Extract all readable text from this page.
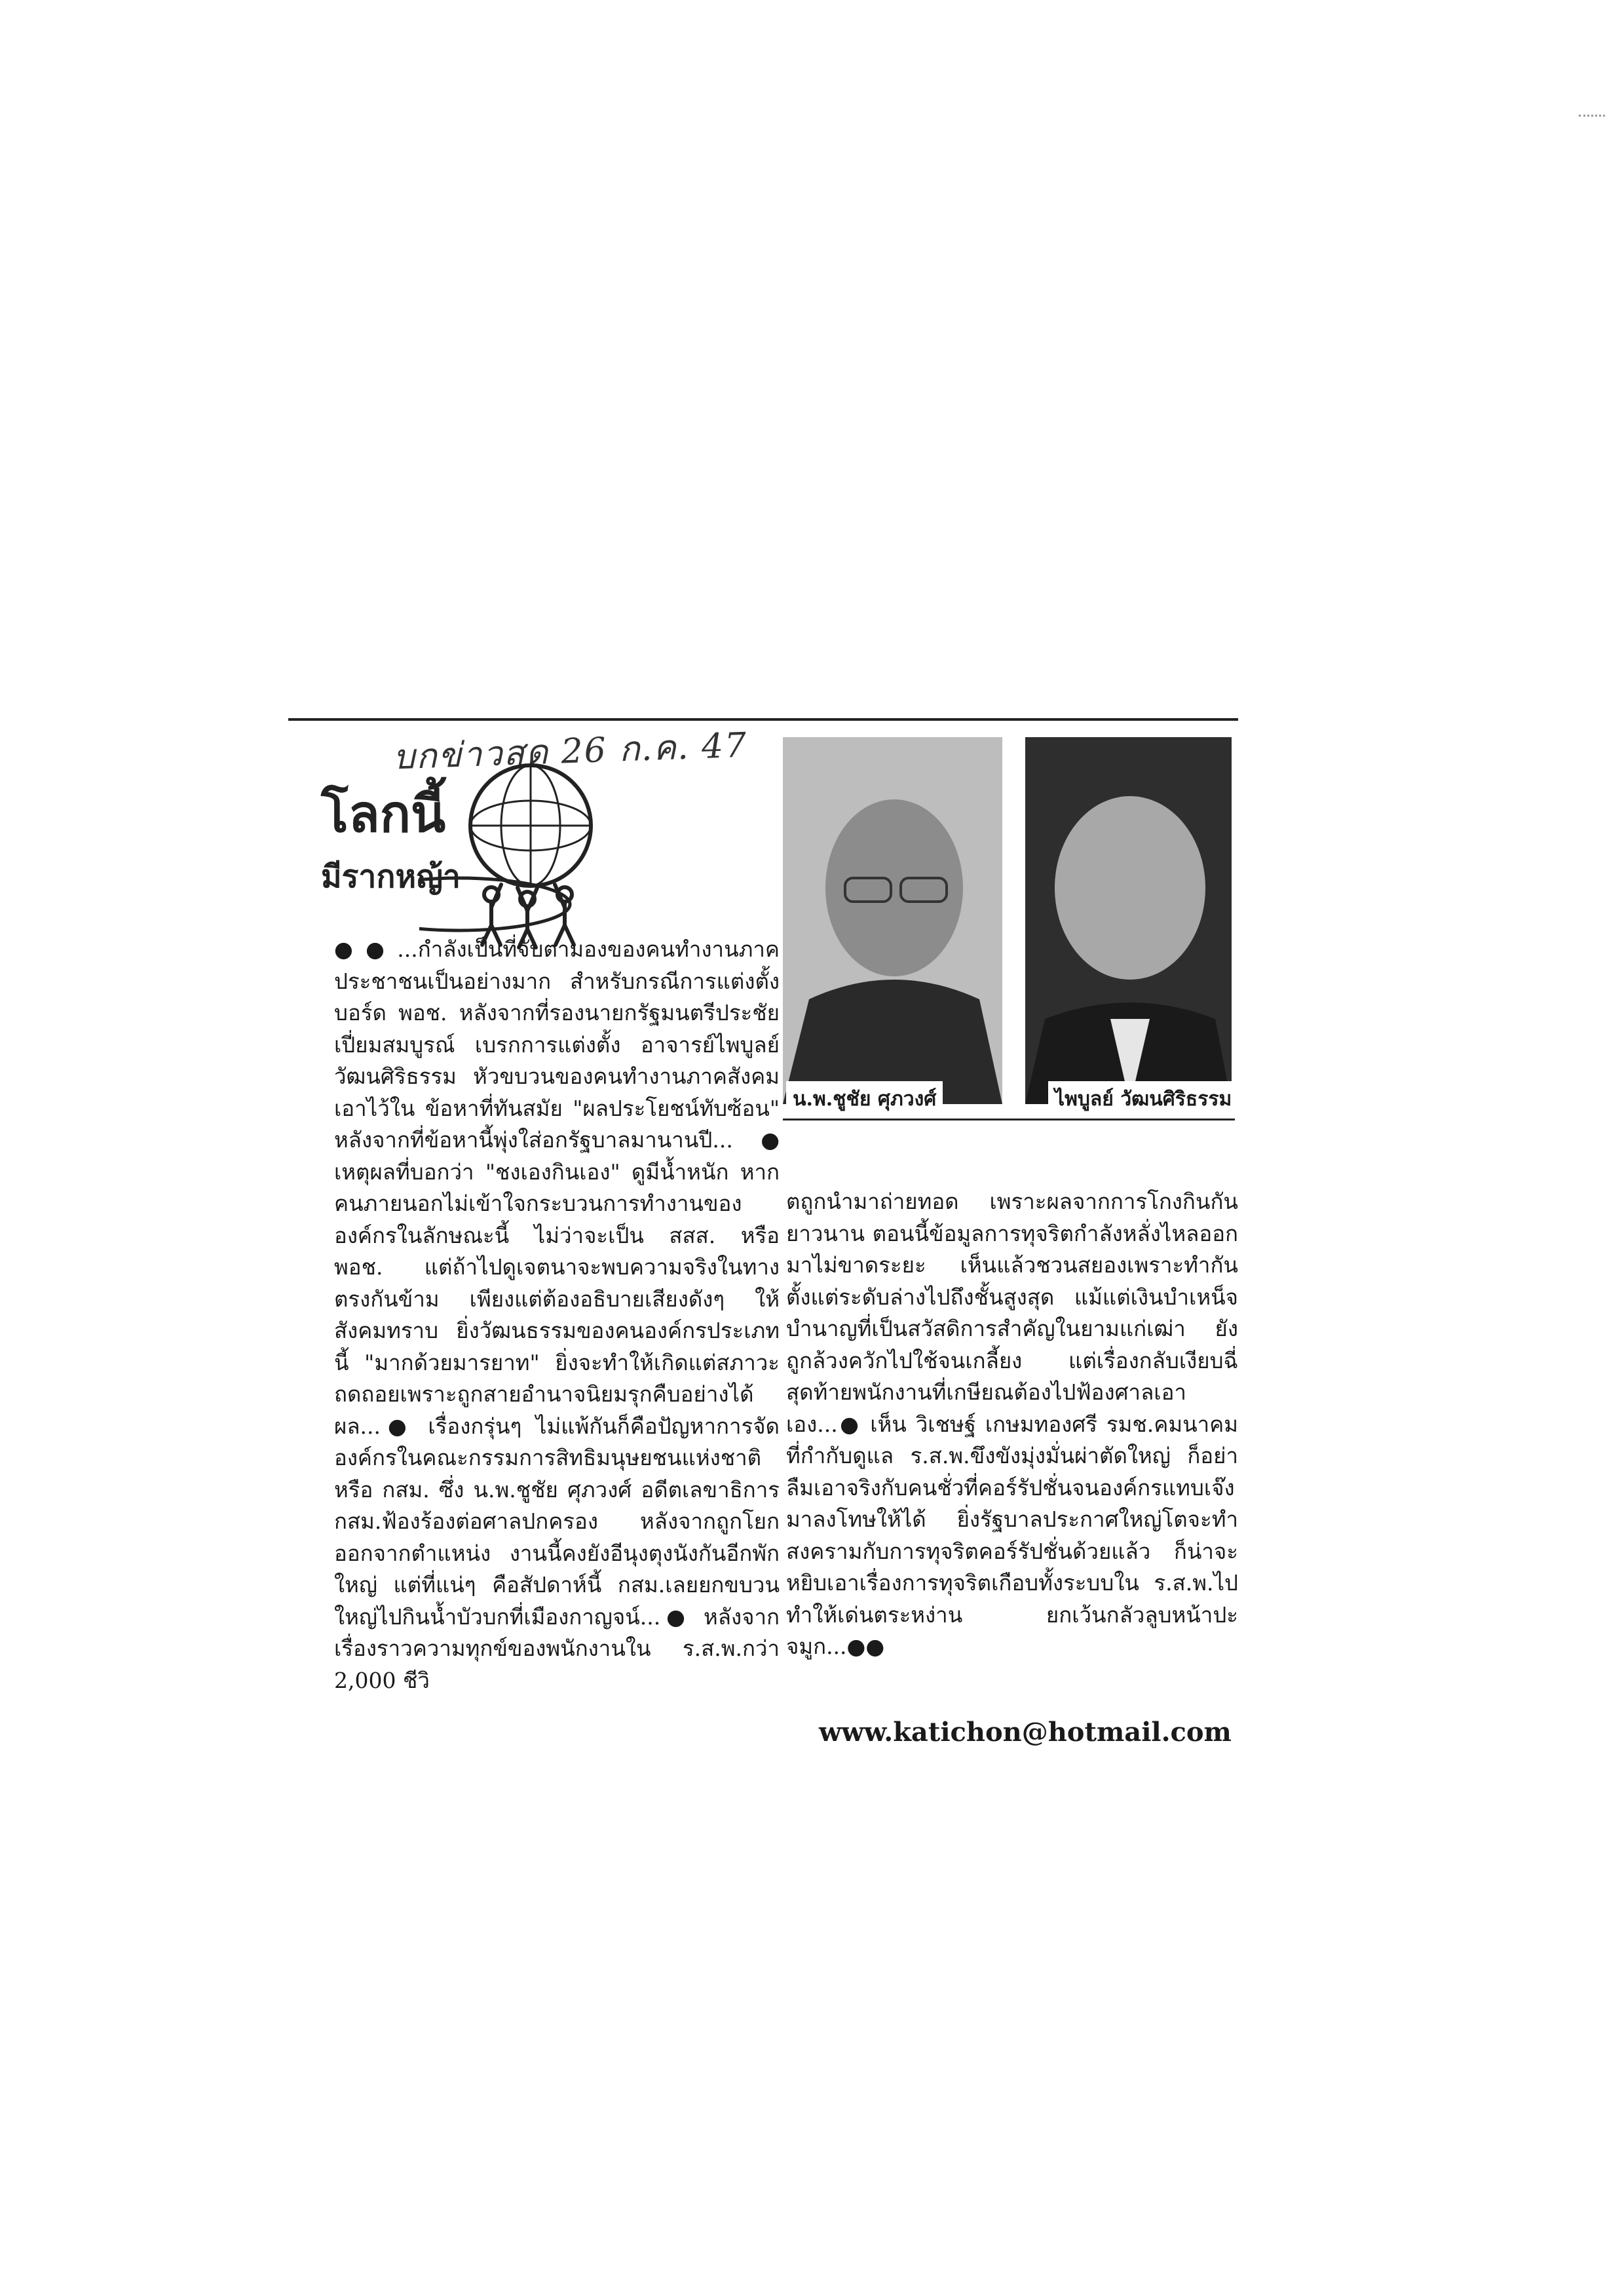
บกข่าวสด 26 ก.ค. 47
โลกนี้
มีรากหญ้า
น.พ.ชูชัย ศุภวงศ์	ไพบูลย์ วัฒนศิริธรรม

●●...กำลังเป็นที่จับตามองของคนทำงานภาคประชาชนเป็นอย่างมาก สำหรับกรณีการแต่งตั้งบอร์ด พอช. หลังจากที่รองนายกรัฐมนตรีประชัย เปี่ยมสมบูรณ์ เบรกการแต่งตั้ง อาจารย์ไพบูลย์ วัฒนศิริธรรม หัวขบวนของคนทำงานภาคสังคมเอาไว้ใน ข้อหาที่ทันสมัย "ผลประโยชน์ทับซ้อน" หลังจากที่ข้อหานี้พุ่งใส่อกรัฐบาลมานานปี...● เหตุผลที่บอกว่า "ชงเองกินเอง" ดูมีน้ำหนัก หากคนภายนอกไม่เข้าใจกระบวนการทำงานขององค์กรในลักษณะนี้ ไม่ว่าจะเป็น สสส. หรือ พอช. แต่ถ้าไปดูเจตนาจะพบความจริงในทางตรงกันข้าม เพียงแต่ต้องอธิบายเสียงดังๆ ให้สังคมทราบ ยิ่งวัฒนธรรมของคนองค์กรประเภทนี้ "มากด้วยมารยาท" ยิ่งจะทำให้เกิดแต่สภาวะถดถอยเพราะถูกสายอำนาจนิยมรุกคืบอย่างได้ผล...● เรื่องกรุ่นๆ ไม่แพ้กันก็คือปัญหาการจัดองค์กรในคณะกรรมการสิทธิมนุษยชนแห่งชาติ หรือ กสม. ซึ่ง น.พ.ชูชัย ศุภวงศ์ อดีตเลขาธิการ กสม.ฟ้องร้องต่อศาลปกครอง หลังจากถูกโยกออกจากตำแหน่ง งานนี้คงยังอีนุงตุงนังกันอีกพักใหญ่ แต่ที่แน่ๆ คือสัปดาห์นี้ กสม.เลยยกขบวนใหญ่ไปกินน้ำบัวบกที่เมืองกาญจน์...● หลังจากเรื่องราวความทุกข์ของพนักงานใน ร.ส.พ.กว่า 2,000 ชีวิ

ตถูกนำมาถ่ายทอด เพราะผลจากการโกงกินกันยาวนาน ตอนนี้ข้อมูลการทุจริตกำลังหลั่งไหลออกมาไม่ขาดระยะ เห็นแล้วชวนสยองเพราะทำกันตั้งแต่ระดับล่างไปถึงชั้นสูงสุด แม้แต่เงินบำเหน็จบำนาญที่เป็นสวัสดิการสำคัญในยามแก่เฒ่า ยังถูกล้วงควักไปใช้จนเกลี้ยง แต่เรื่องกลับเงียบฉี่ สุดท้ายพนักงานที่เกษียณต้องไปฟ้องศาลเอาเอง...● เห็น วิเชษฐ์ เกษมทองศรี รมช.คมนาคม ที่กำกับดูแล ร.ส.พ.ขึงขังมุ่งมั่นผ่าตัดใหญ่ ก็อย่าลืมเอาจริงกับคนชั่วที่คอร์รัปชั่นจนองค์กรแทบเจ๊งมาลงโทษให้ได้ ยิ่งรัฐบาลประกาศใหญ่โตจะทำสงครามกับการทุจริตคอร์รัปชั่นด้วยแล้ว ก็น่าจะหยิบเอาเรื่องการทุจริตเกือบทั้งระบบใน ร.ส.พ.ไปทำให้เด่นตระหง่าน ยกเว้นกลัวลูบหน้าปะจมูก...●●

www.katichon@hotmail.com
